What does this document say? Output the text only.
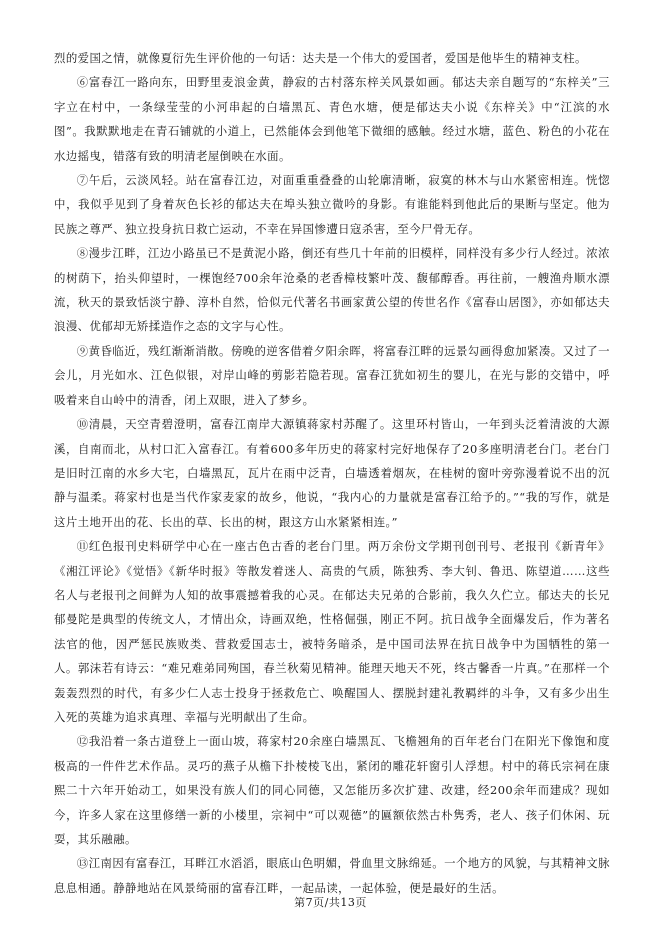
烈的爱国之情，就像夏衍先生评价他的一句话：达夫是一个伟大的爱国者，爱国是他毕生的精神支柱。

⑥富春江一路向东，田野里麦浪金黄，静寂的古村落东梓关风景如画。郁达夫亲自题写的“东梓关”三字立在村中，一条绿莹莹的小河串起的白墙黑瓦、青色水塘，便是郁达夫小说《东梓关》中“江滨的水图”。我默默地走在青石铺就的小道上，已然能体会到他笔下微细的感触。经过水塘，蓝色、粉色的小花在水边摇曳，错落有致的明清老屋倒映在水面。

⑦午后，云淡风轻。站在富春江边，对面重重叠叠的山轮廓清晰，寂寞的林木与山水紧密相连。恍惚中，我似乎见到了身着灰色长衫的郁达夫在埠头独立微吟的身影。有谁能料到他此后的果断与坚定。他为民族之尊严、独立投身抗日救亡运动，不幸在异国惨遭日寇杀害，至今尸骨无存。

⑧漫步江畔，江边小路虽已不是黄泥小路，倒还有些几十年前的旧模样，同样没有多少行人经过。浓浓的树荫下，抬头仰望时，一棵饱经700余年沧桑的老香樟枝繁叶茂、馥郁醇香。再往前，一艘渔舟顺水漂流，秋天的景致恬淡宁静、淳朴自然，恰似元代著名书画家黄公望的传世名作《富春山居图》，亦如郁达夫浪漫、优郁却无矫揉造作之态的文字与心性。

⑨黄昏临近，残红渐渐消散。傍晚的逆客借着夕阳余晖，将富春江畔的远景勾画得愈加紧凑。又过了一会儿，月光如水、江色似银，对岸山峰的剪影若隐若现。富春江犹如初生的婴儿，在光与影的交错中，呼吸着来自山岭中的清香，闭上双眼，进入了梦乡。

⑩清晨，天空青碧澄明，富春江南岸大源镇蒋家村苏醒了。这里环村皆山，一年到头泛着清波的大源溪，自南而北，从村口汇入富春江。有着600多年历史的蒋家村完好地保存了20多座明清老台门。老台门是旧时江南的水乡大宅，白墙黑瓦，瓦片在雨中泛青，白墙透着烟灰，在桂树的窗叶旁弥漫着说不出的沉静与温柔。蒋家村也是当代作家麦家的故乡，他说，“我内心的力量就是富春江给予的。”“我的写作，就是这片土地开出的花、长出的草、长出的树，跟这方山水紧紧相连。”

⑪红色报刊史料研学中心在一座古色古香的老台门里。两万余份文学期刊创刊号、老报刊《新青年》《湘江评论》《觉悟》《新华时报》等散发着迷人、高贵的气质，陈独秀、李大钊、鲁迅、陈望道……这些名人与老报刊之间鲜为人知的故事震撼着我的心灵。在郁达夫兄弟的合影前，我久久伫立。郁达夫的长兄郁曼陀是典型的传统文人，才情出众，诗画双绝，性格倔强，刚正不阿。抗日战争全面爆发后，作为著名法官的他，因严惩民族败类、营救爱国志士，被特务暗杀，是中国司法界在抗日战争中为国牺牲的第一人。郭沫若有诗云：“难兄难弟同殉国，春兰秋菊见精神。能理天地天不死，终古馨香一片真。”在那样一个轰轰烈烈的时代，有多少仁人志士投身于拯救危亡、唤醒国人、摆脱封建礼教羁绊的斗争，又有多少出生入死的英雄为追求真理、幸福与光明献出了生命。

⑫我沿着一条古道登上一面山坡，蒋家村20余座白墙黑瓦、飞檐翘角的百年老台门在阳光下像饱和度极高的一件件艺术作品。灵巧的燕子从檐下扑棱棱飞出，紧闭的雕花轩窗引人浮想。村中的蒋氏宗祠在康熙二十六年开始动工，如果没有族人们的同心同德，又怎能历多次扩建、改建，经200余年而建成？现如今，许多人家在这里修缮一新的小楼里，宗祠中“可以观德”的匾额依然古朴隽秀，老人、孩子们休闲、玩耍，其乐融融。

⑬江南因有富春江，耳畔江水滔滔，眼底山色明媚，骨血里文脉绵延。一个地方的风貌，与其精神文脉息息相通。静静地站在风景绮丽的富春江畔，一起品读，一起体验，便是最好的生活。

第7页/共13页
